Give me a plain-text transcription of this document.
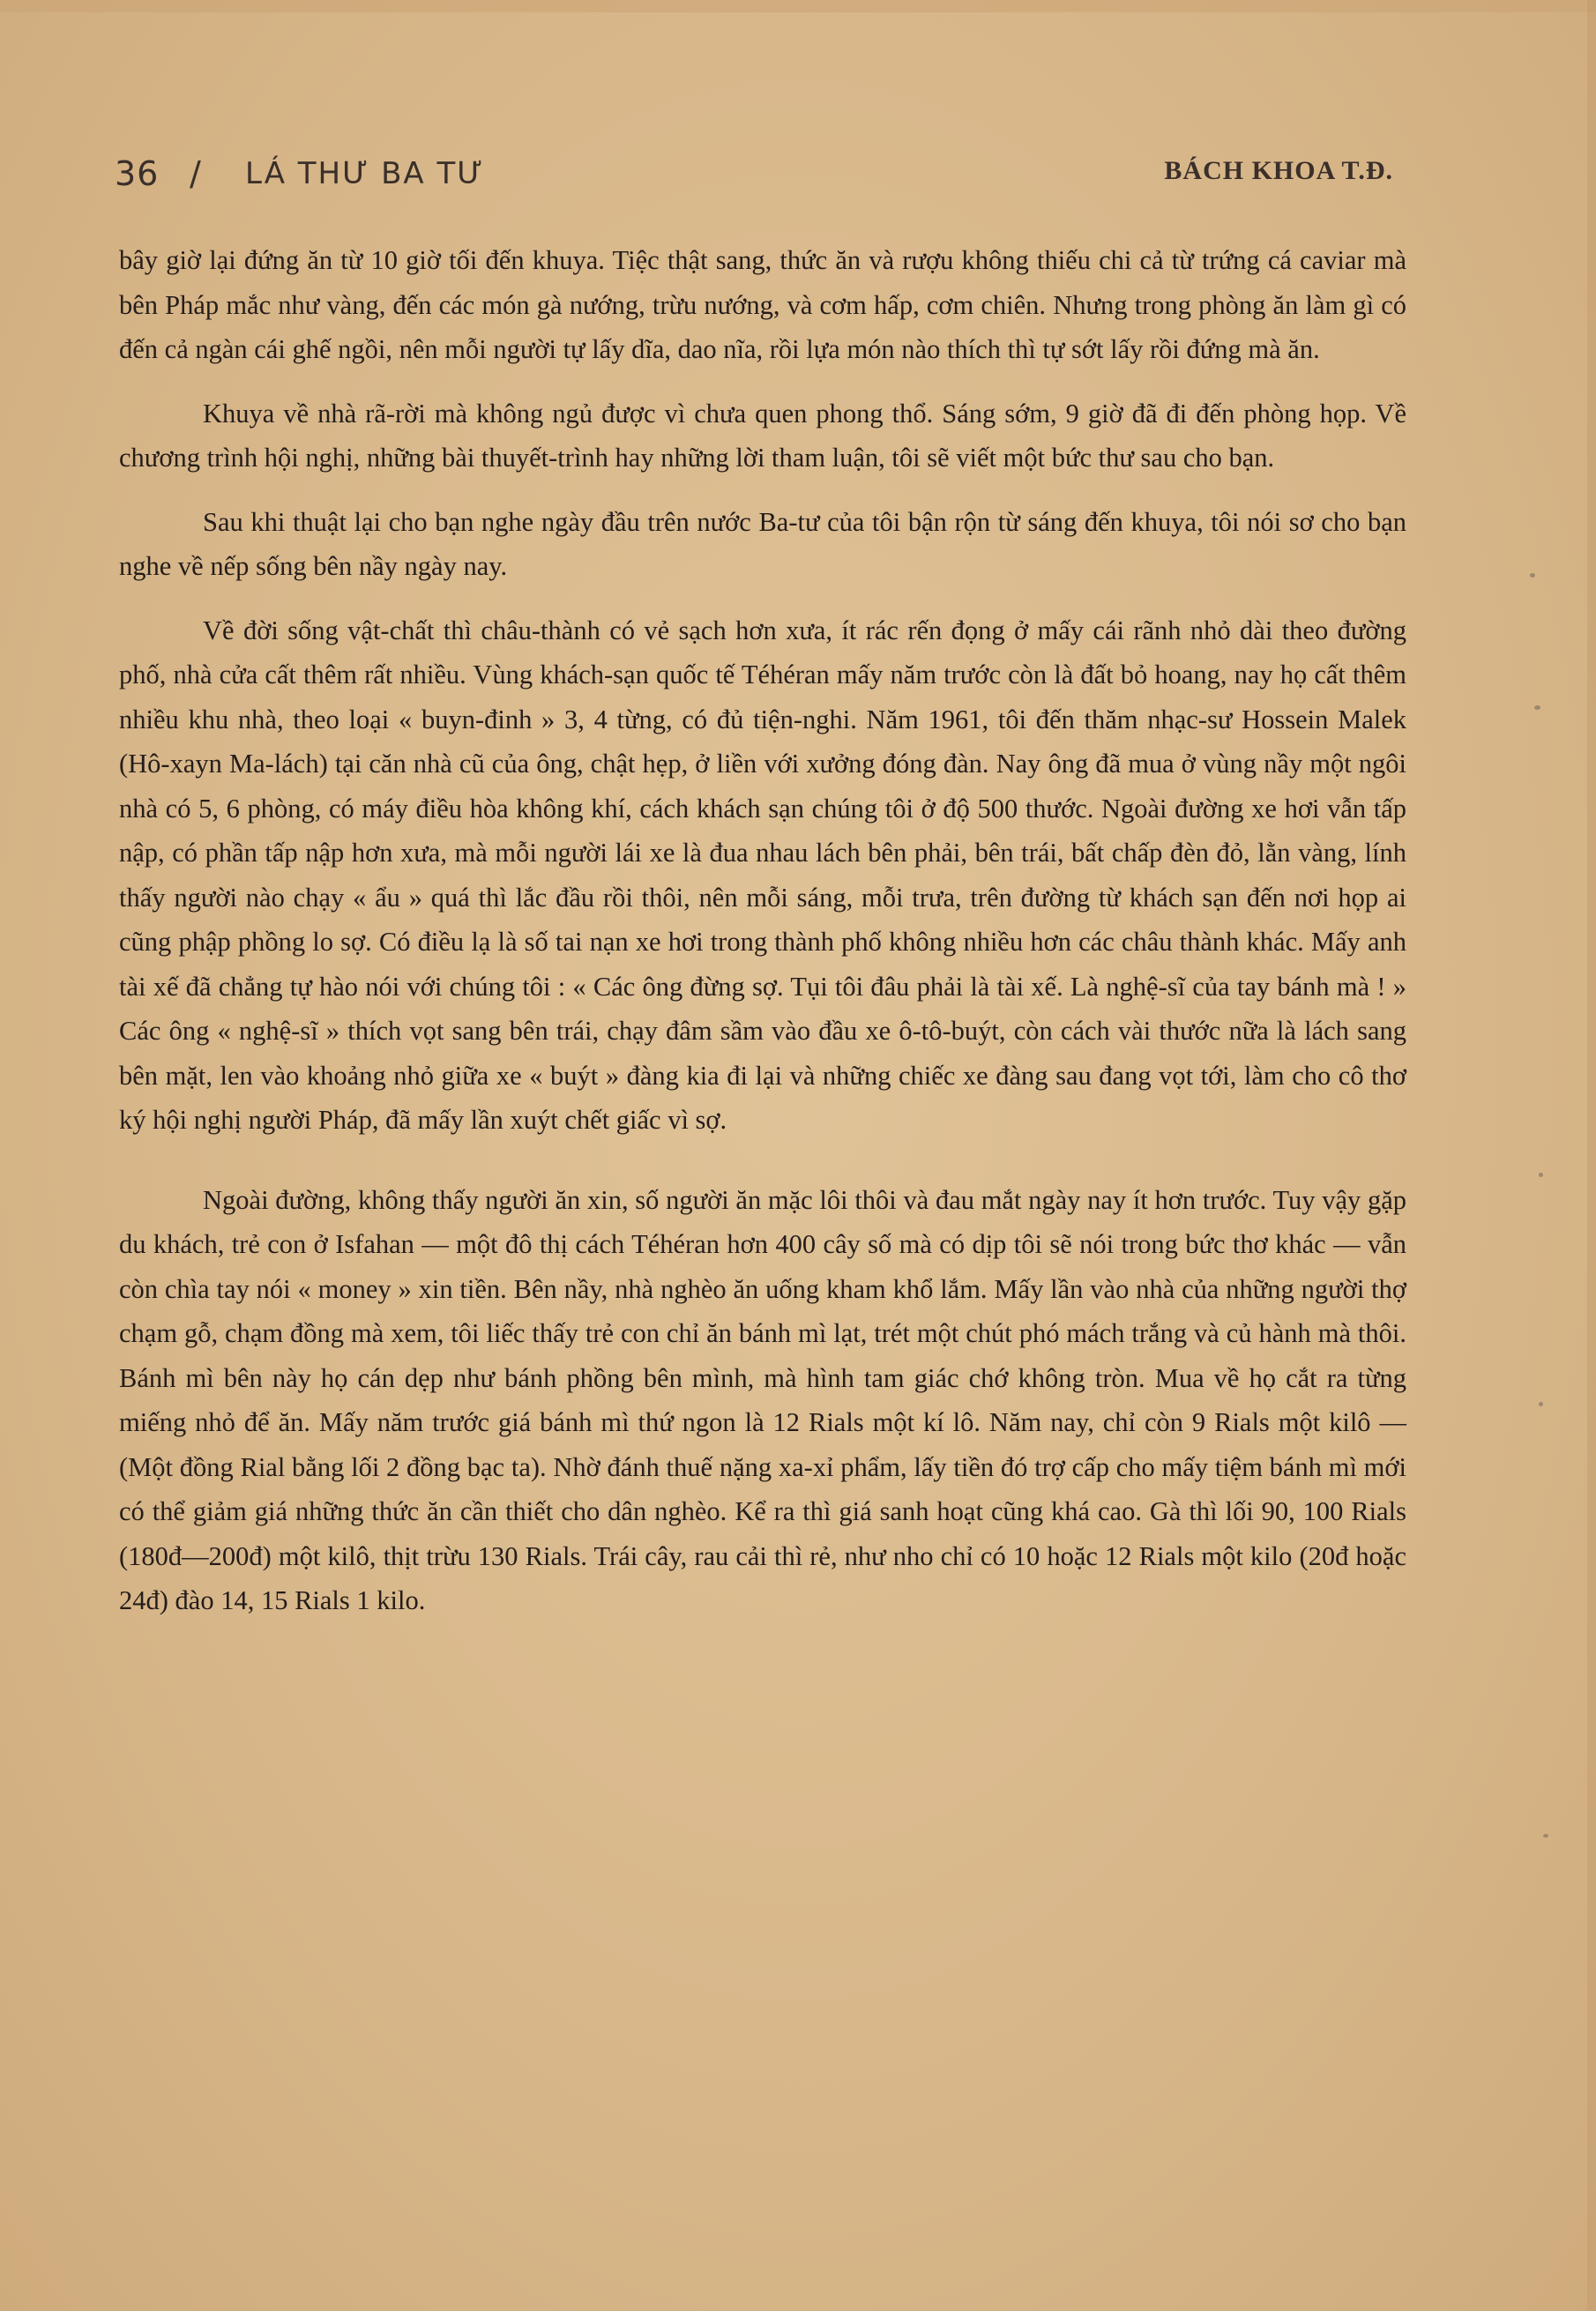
36 / LÁ THƯ BA TƯ	BÁCH KHOA T.Đ.

bây giờ lại đứng ăn từ 10 giờ tối đến khuya. Tiệc thật sang, thức ăn và rượu không thiếu chi cả từ trứng cá caviar mà bên Pháp mắc như vàng, đến các món gà nướng, trừu nướng, và cơm hấp, cơm chiên. Nhưng trong phòng ăn làm gì có đến cả ngàn cái ghế ngồi, nên mỗi người tự lấy dĩa, dao nĩa, rồi lựa món nào thích thì tự sớt lấy rồi đứng mà ăn.

Khuya về nhà rã-rời mà không ngủ được vì chưa quen phong thổ. Sáng sớm, 9 giờ đã đi đến phòng họp. Về chương trình hội nghị, những bài thuyết-trình hay những lời tham luận, tôi sẽ viết một bức thư sau cho bạn.

Sau khi thuật lại cho bạn nghe ngày đầu trên nước Ba-tư của tôi bận rộn từ sáng đến khuya, tôi nói sơ cho bạn nghe về nếp sống bên nầy ngày nay.

Về đời sống vật-chất thì châu-thành có vẻ sạch hơn xưa, ít rác rến đọng ở mấy cái rãnh nhỏ dài theo đường phố, nhà cửa cất thêm rất nhiều. Vùng khách-sạn quốc tế Téhéran mấy năm trước còn là đất bỏ hoang, nay họ cất thêm nhiều khu nhà, theo loại « buyn-đinh » 3, 4 từng, có đủ tiện-nghi. Năm 1961, tôi đến thăm nhạc-sư Hossein Malek (Hô-xayn Ma-lách) tại căn nhà cũ của ông, chật hẹp, ở liền với xưởng đóng đàn. Nay ông đã mua ở vùng nầy một ngôi nhà có 5, 6 phòng, có máy điều hòa không khí, cách khách sạn chúng tôi ở độ 500 thước. Ngoài đường xe hơi vẫn tấp nập, có phần tấp nập hơn xưa, mà mỗi người lái xe là đua nhau lách bên phải, bên trái, bất chấp đèn đỏ, lằn vàng, lính thấy người nào chạy « ẩu » quá thì lắc đầu rồi thôi, nên mỗi sáng, mỗi trưa, trên đường từ khách sạn đến nơi họp ai cũng phập phồng lo sợ. Có điều lạ là số tai nạn xe hơi trong thành phố không nhiều hơn các châu thành khác. Mấy anh tài xế đã chẳng tự hào nói với chúng tôi : « Các ông đừng sợ. Tụi tôi đâu phải là tài xế. Là nghệ-sĩ của tay bánh mà ! » Các ông « nghệ-sĩ » thích vọt sang bên trái, chạy đâm sầm vào đầu xe ô-tô-buýt, còn cách vài thước nữa là lách sang bên mặt, len vào khoảng nhỏ giữa xe « buýt » đàng kia đi lại và những chiếc xe đàng sau đang vọt tới, làm cho cô thơ ký hội nghị người Pháp, đã mấy lần xuýt chết giấc vì sợ.

Ngoài đường, không thấy người ăn xin, số người ăn mặc lôi thôi và đau mắt ngày nay ít hơn trước. Tuy vậy gặp du khách, trẻ con ở Isfahan — một đô thị cách Téhéran hơn 400 cây số mà có dịp tôi sẽ nói trong bức thơ khác — vẫn còn chìa tay nói « money » xin tiền. Bên nầy, nhà nghèo ăn uống kham khổ lắm. Mấy lần vào nhà của những người thợ chạm gỗ, chạm đồng mà xem, tôi liếc thấy trẻ con chỉ ăn bánh mì lạt, trét một chút phó mách trắng và củ hành mà thôi. Bánh mì bên này họ cán dẹp như bánh phồng bên mình, mà hình tam giác chớ không tròn. Mua về họ cắt ra từng miếng nhỏ để ăn. Mấy năm trước giá bánh mì thứ ngon là 12 Rials một kí lô. Năm nay, chỉ còn 9 Rials một kilô — (Một đồng Rial bằng lối 2 đồng bạc ta). Nhờ đánh thuế nặng xa-xỉ phẩm, lấy tiền đó trợ cấp cho mấy tiệm bánh mì mới có thể giảm giá những thức ăn cần thiết cho dân nghèo. Kể ra thì giá sanh hoạt cũng khá cao. Gà thì lối 90, 100 Rials (180đ—200đ) một kilô, thịt trừu 130 Rials. Trái cây, rau cải thì rẻ, như nho chỉ có 10 hoặc 12 Rials một kilo (20đ hoặc 24đ) đào 14, 15 Rials 1 kilo.
